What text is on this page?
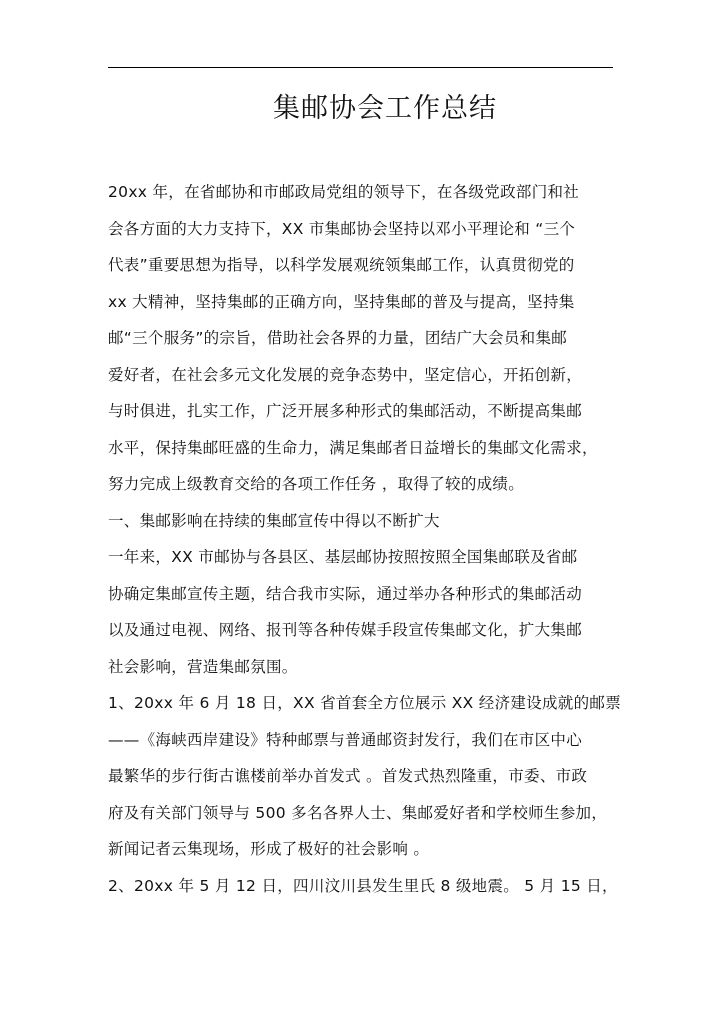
集邮协会工作总结

20xx 年，在省邮协和市邮政局党组的领导下，在各级党政部门和社

会各方面的大力支持下，XX 市集邮协会坚持以邓小平理论和 “三个

代表”重要思想为指导，以科学发展观统领集邮工作，认真贯彻党的

xx 大精神，坚持集邮的正确方向，坚持集邮的普及与提高，坚持集

邮“三个服务”的宗旨，借助社会各界的力量，团结广大会员和集邮

爱好者，在社会多元文化发展的竞争态势中，坚定信心，开拓创新，

与时俱进，扎实工作，广泛开展多种形式的集邮活动，不断提高集邮

水平，保持集邮旺盛的生命力，满足集邮者日益增长的集邮文化需求，

努力完成上级教育交给的各项工作任务 ，取得了较的成绩。

一、集邮影响在持续的集邮宣传中得以不断扩大

一年来，XX 市邮协与各县区、基层邮协按照按照全国集邮联及省邮

协确定集邮宣传主题，结合我市实际，通过举办各种形式的集邮活动

以及通过电视、网络、报刊等各种传媒手段宣传集邮文化，扩大集邮

社会影响，营造集邮氛围。

1、20xx 年 6 月 18 日，XX 省首套全方位展示 XX 经济建设成就的邮票

——《海峡西岸建设》特种邮票与普通邮资封发行，我们在市区中心

最繁华的步行街古谯楼前举办首发式 。首发式热烈隆重，市委、市政

府及有关部门领导与 500 多名各界人士、集邮爱好者和学校师生参加，

新闻记者云集现场，形成了极好的社会影响 。

2、20xx 年 5 月 12 日，四川汶川县发生里氏 8 级地震。 5 月 15 日，
